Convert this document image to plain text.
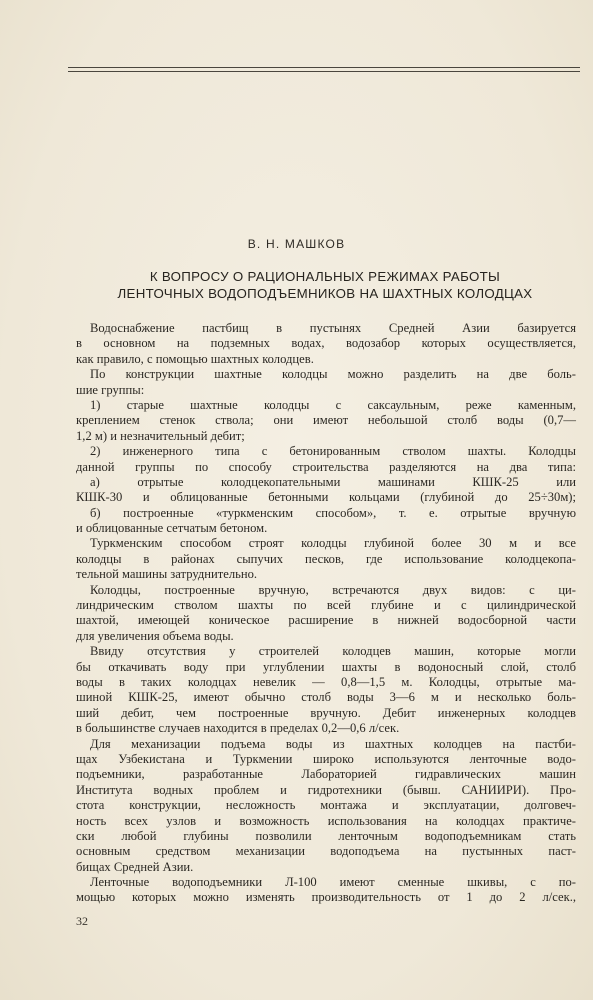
В. Н. МАШКОВ
К ВОПРОСУ О РАЦИОНАЛЬНЫХ РЕЖИМАХ РАБОТЫ
ЛЕНТОЧНЫХ ВОДОПОДЪЕМНИКОВ НА ШАХТНЫХ КОЛОДЦАХ
Водоснабжение пастбищ в пустынях Средней Азии базируется
в основном на подземных водах, водозабор которых осуществляется,
как правило, с помощью шахтных колодцев.
По конструкции шахтные колодцы можно разделить на две боль-
шие группы:
1) старые шахтные колодцы с саксаульным, реже каменным,
креплением стенок ствола; они имеют небольшой столб воды (0,7—
1,2 м) и незначительный дебит;
2) инженерного типа с бетонированным стволом шахты. Колодцы
данной группы по способу строительства разделяются на два типа:
а) отрытые колодцекопательными машинами КШК-25 или
КШК-30 и облицованные бетонными кольцами (глубиной до 25÷30м);
б) построенные «туркменским способом», т. е. отрытые вручную
и облицованные сетчатым бетоном.
Туркменским способом строят колодцы глубиной более 30 м и все
колодцы в районах сыпучих песков, где использование колодцекопа-
тельной машины затруднительно.
Колодцы, построенные вручную, встречаются двух видов: с ци-
линдрическим стволом шахты по всей глубине и с цилиндрической
шахтой, имеющей коническое расширение в нижней водосборной части
для увеличения объема воды.
Ввиду отсутствия у строителей колодцев машин, которые могли
бы откачивать воду при углублении шахты в водоносный слой, столб
воды в таких колодцах невелик — 0,8—1,5 м. Колодцы, отрытые ма-
шиной КШК-25, имеют обычно столб воды 3—6 м и несколько боль-
ший дебит, чем построенные вручную. Дебит инженерных колодцев
в большинстве случаев находится в пределах 0,2—0,6 л/сек.
Для механизации подъема воды из шахтных колодцев на пастби-
щах Узбекистана и Туркмении широко используются ленточные водо-
подъемники, разработанные Лабораторией гидравлических машин
Института водных проблем и гидротехники (бывш. САНИИРИ). Про-
стота конструкции, несложность монтажа и эксплуатации, долговеч-
ность всех узлов и возможность использования на колодцах практиче-
ски любой глубины позволили ленточным водоподъемникам стать
основным средством механизации водоподъема на пустынных паст-
бищах Средней Азии.
Ленточные водоподъемники Л-100 имеют сменные шкивы, с по-
мощью которых можно изменять производительность от 1 до 2 л/сек.,
32
